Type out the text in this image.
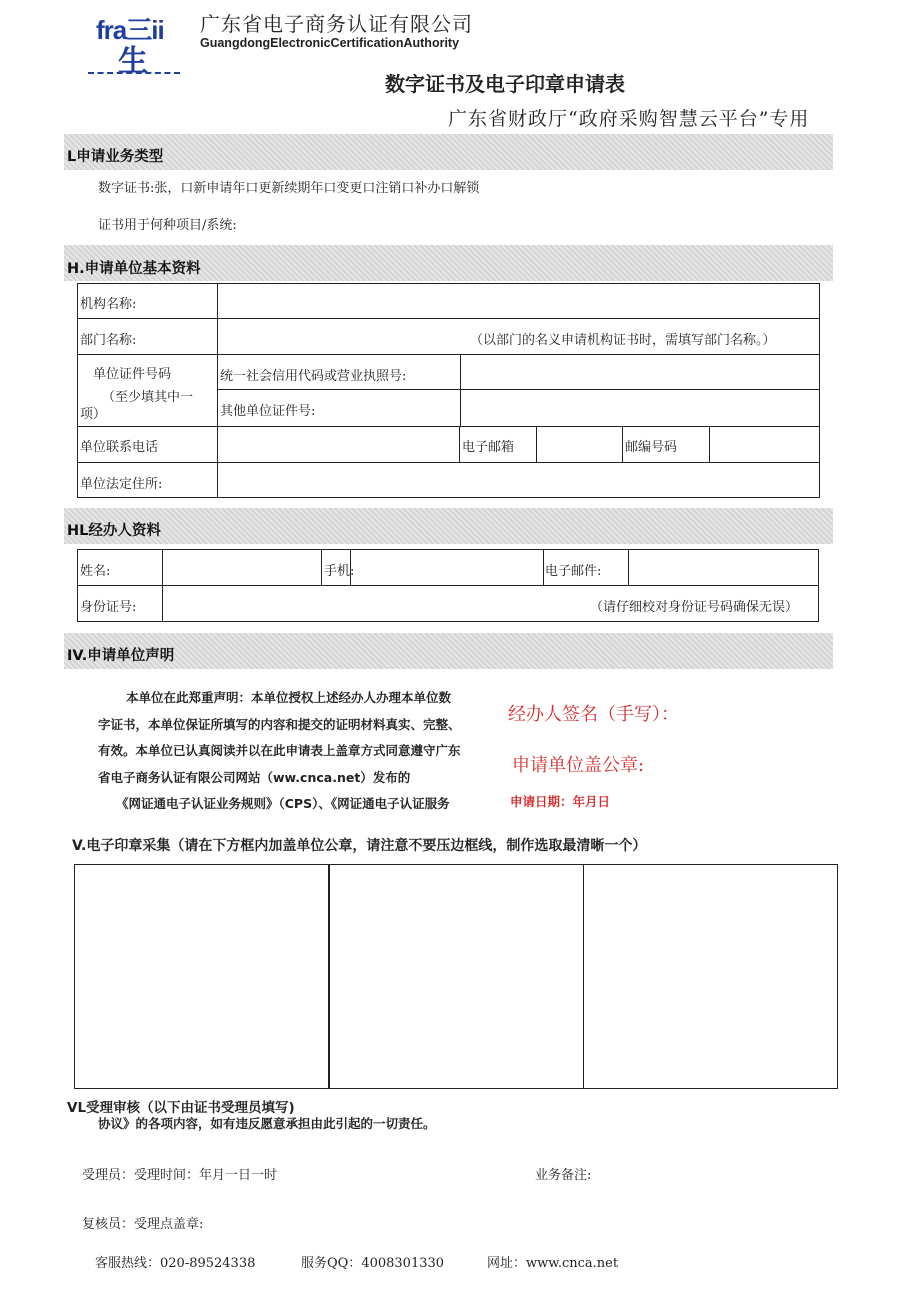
fra三ii
生
广东省电子商务认证有限公司
GuangdongElectronicCertificationAuthority
数字证书及电子印章申请表
广东省财政厅“政府采购智慧云平台”专用
L申请业务类型
数字证书:张，口新申请年口更新续期年口变更口注销口补办口解锁
证书用于何种项目/系统:
H.申请单位基本资料
机构名称:
部门名称:	（以部门的名义申请机构证书时，需填写部门名称。）
单位证件号码
（至少填其中一
项）
统一社会信用代码或营业执照号:
其他单位证件号:
单位联系电话	电子邮箱	邮编号码
单位法定住所:
HL经办人资料
姓名:	手机:	电子邮件:
身份证号:	（请仔细校对身份证号码确保无误）
IV.申请单位声明
本单位在此郑重声明：本单位授权上述经办人办理本单位数
字证书，本单位保证所填写的内容和提交的证明材料真实、完整、
有效。本单位已认真阅读并以在此申请表上盖章方式同意遵守广东
省电子商务认证有限公司网站（ww.cnca.net）发布的
《网证通电子认证业务规则》（CPS）、《网证通电子认证服务
经办人签名（手写）：
申请单位盖公章:
申请日期：年月日
V.电子印章采集（请在下方框内加盖单位公章，请注意不要压边框线，制作选取最清晰一个）
VL受理审核（以下由证书受理员填写)
协议》的各项内容，如有违反愿意承担由此引起的一切责任。
受理员：受理时间：年月一日一时	业务备注:
复核员：受理点盖章:
客服热线：020-89524338	服务QQ：4008301330	网址：www.cnca.net
